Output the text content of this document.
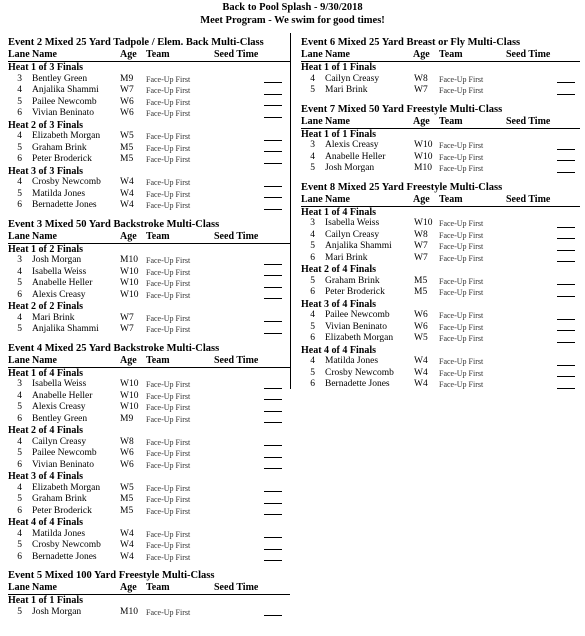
Back to Pool Splash - 9/30/2018
Meet Program - We swim for good times!
Event 2 Mixed 25 Yard Tadpole / Elem. Back Multi-Class
Lane Name	Age Team	Seed Time
Heat 1 of 3 Finals
3 Bentley Green	M9 Face-Up First
4 Anjalika Shammi W7 Face-Up First
5 Pailee Newcomb W6 Face-Up First
6 Vivian Beninato	W6 Face-Up First
Heat 2 of 3 Finals
4 Elizabeth Morgan W5 Face-Up First
5 Graham Brink	M5 Face-Up First
6 Peter Broderick	M5 Face-Up First
Heat 3 of 3 Finals
4 Crosby Newcomb W4 Face-Up First
5 Matilda Jones	W4 Face-Up First
6 Bernadette Jones W4 Face-Up First
Event 3 Mixed 50 Yard Backstroke Multi-Class
Lane Name	Age Team	Seed Time
Heat 1 of 2 Finals
3 Josh Morgan	M10 Face-Up First
4 Isabella Weiss	W10 Face-Up First
5 Anabelle Heller	W10 Face-Up First
6 Alexis Creasy	W10 Face-Up First
Heat 2 of 2 Finals
4 Mari Brink	W7 Face-Up First
5 Anjalika Shammi W7 Face-Up First
Event 4 Mixed 25 Yard Backstroke Multi-Class
Lane Name	Age Team	Seed Time
Heat 1 of 4 Finals
3 Isabella Weiss	W10 Face-Up First
4 Anabelle Heller	W10 Face-Up First
5 Alexis Creasy	W10 Face-Up First
6 Bentley Green	M9 Face-Up First
Heat 2 of 4 Finals
4 Cailyn Creasy	W8 Face-Up First
5 Pailee Newcomb W6 Face-Up First
6 Vivian Beninato	W6 Face-Up First
Heat 3 of 4 Finals
4 Elizabeth Morgan W5 Face-Up First
5 Graham Brink	M5 Face-Up First
6 Peter Broderick	M5 Face-Up First
Heat 4 of 4 Finals
4 Matilda Jones	W4 Face-Up First
5 Crosby Newcomb W4 Face-Up First
6 Bernadette Jones W4 Face-Up First
Event 5 Mixed 100 Yard Freestyle Multi-Class
Lane Name	Age Team	Seed Time
Heat 1 of 1 Finals
5 Josh Morgan	M10 Face-Up First
Event 6 Mixed 25 Yard Breast or Fly Multi-Class
Lane Name	Age Team	Seed Time
Heat 1 of 1 Finals
4 Cailyn Creasy	W8 Face-Up First
5 Mari Brink	W7 Face-Up First
Event 7 Mixed 50 Yard Freestyle Multi-Class
Lane Name	Age Team	Seed Time
Heat 1 of 1 Finals
3 Alexis Creasy	W10 Face-Up First
4 Anabelle Heller	W10 Face-Up First
5 Josh Morgan	M10 Face-Up First
Event 8 Mixed 25 Yard Freestyle Multi-Class
Lane Name	Age Team	Seed Time
Heat 1 of 4 Finals
3 Isabella Weiss	W10 Face-Up First
4 Cailyn Creasy	W8 Face-Up First
5 Anjalika Shammi W7 Face-Up First
6 Mari Brink	W7 Face-Up First
Heat 2 of 4 Finals
5 Graham Brink	M5 Face-Up First
6 Peter Broderick	M5 Face-Up First
Heat 3 of 4 Finals
4 Pailee Newcomb	W6 Face-Up First
5 Vivian Beninato	W6 Face-Up First
6 Elizabeth Morgan W5 Face-Up First
Heat 4 of 4 Finals
4 Matilda Jones	W4 Face-Up First
5 Crosby Newcomb W4 Face-Up First
6 Bernadette Jones	W4 Face-Up First
